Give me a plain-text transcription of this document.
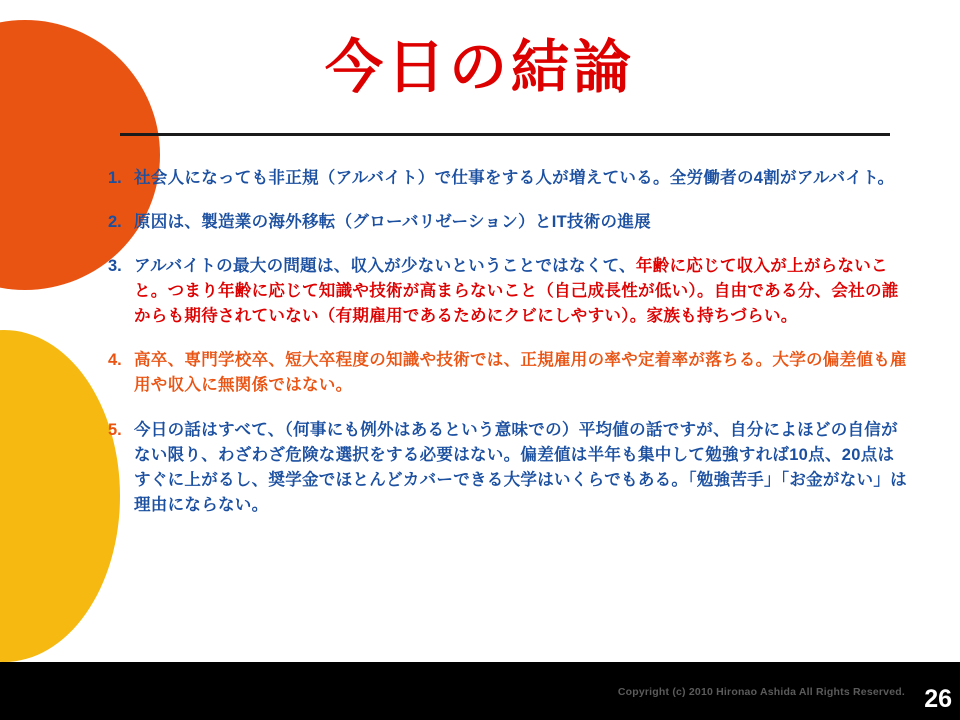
今日の結論
1. 社会人になっても非正規（アルバイト）で仕事をする人が増えている。全労働者の4割がアルバイト。
2. 原因は、製造業の海外移転（グローバリゼーション）とIT技術の進展
3. アルバイトの最大の問題は、収入が少ないということではなくて、年齢に応じて収入が上がらないこと。つまり年齢に応じて知識や技術が高まらないこと（自己成長性が低い）。自由である分、会社の誰からも期待されていない（有期雇用であるためにクビにしやすい）。家族も持ちづらい。
4. 高卒、専門学校卒、短大卒程度の知識や技術では、正規雇用の率や定着率が落ちる。大学の偏差値も雇用や収入に無関係ではない。
5. 今日の話はすべて、（何事にも例外はあるという意味での）平均値の話ですが、自分によほどの自信がない限り、わざわざ危険な選択をする必要はない。偏差値は半年も集中して勉強すれば10点、20点はすぐに上がるし、奨学金でほとんどカバーできる大学はいくらでもある。「勉強苦手」「お金がない」は理由にならない。
Copyright (c) 2010 Hironao Ashida All Rights Reserved. 26
